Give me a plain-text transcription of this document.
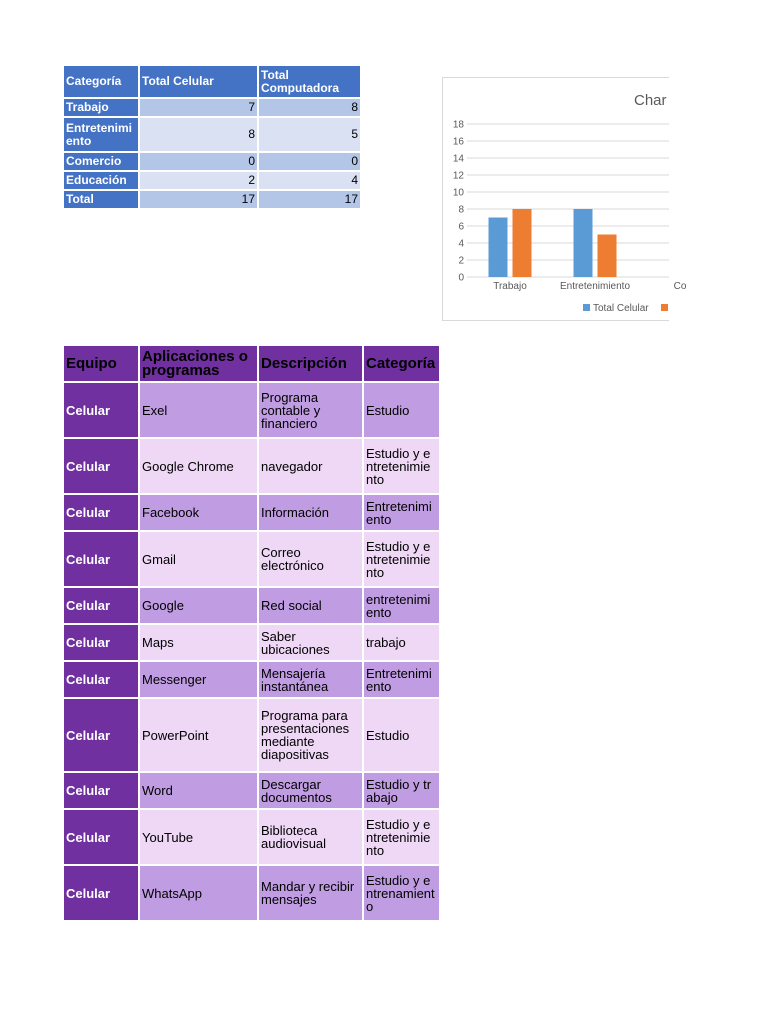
Categoría	Total Celular	Total Computadora
Trabajo	7	8
Entretenimiento	8	5
Comercio	0	0
Educación	2	4
Total	17	17
Char
0
2
4
6
8
10
12
14
16
18
Trabajo	Entretenimiento	Co
Total Celular
Equipo	Aplicaciones o programas	Descripción	Categoría
Celular	Exel	Programa contable y financiero	Estudio
Celular	Google Chrome	navegador	Estudio y entretenimiento
Celular	Facebook	Información	Entretenimiento
Celular	Gmail	Correo electrónico	Estudio y entretenimiento
Celular	Google	Red social	entretenimiento
Celular	Maps	Saber ubicaciones	trabajo
Celular	Messenger	Mensajería instantánea	Entretenimiento
Celular	PowerPoint	Programa para presentaciones mediante diapositivas	Estudio
Celular	Word	Descargar documentos	Estudio y trabajo
Celular	YouTube	Biblioteca audiovisual	Estudio y entretenimiento
Celular	WhatsApp	Mandar y recibir mensajes	Estudio y entrenamiento
